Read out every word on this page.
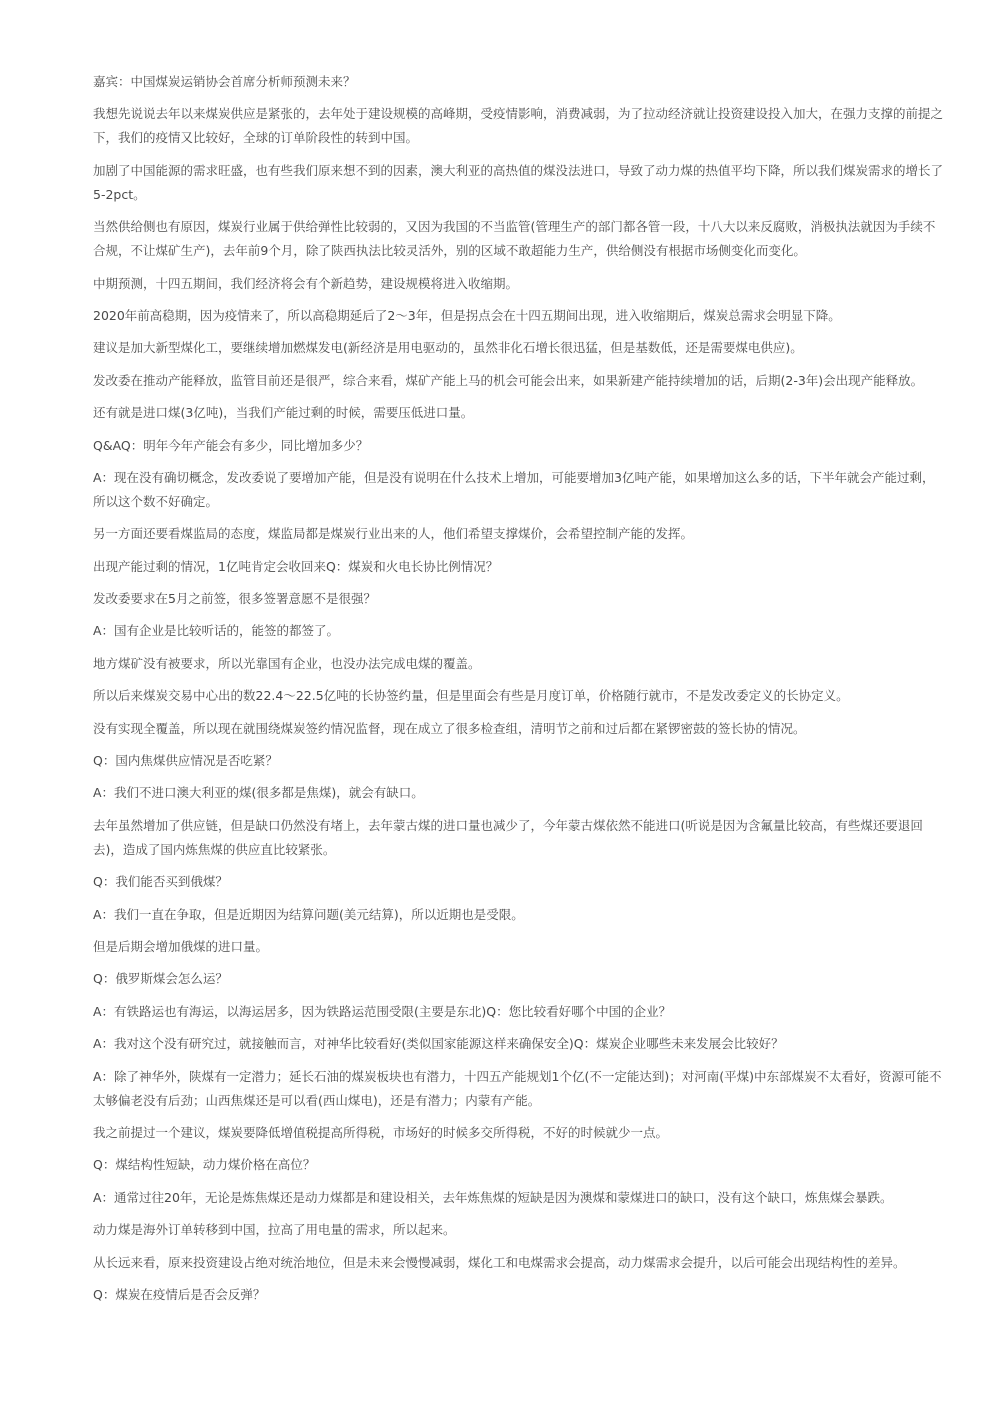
嘉宾：中国煤炭运销协会首席分析师预测未来？

我想先说说去年以来煤炭供应是紧张的，去年处于建设规模的高峰期，受疫情影响，消费减弱，为了拉动经济就让投资建设投入加大，在强力支撑的前提之下，我们的疫情又比较好，全球的订单阶段性的转到中国。

加剧了中国能源的需求旺盛，也有些我们原来想不到的因素，澳大利亚的高热值的煤没法进口，导致了动力煤的热值平均下降，所以我们煤炭需求的增长了5-2pct。

当然供给侧也有原因，煤炭行业属于供给弹性比较弱的，又因为我国的不当监管(管理生产的部门都各管一段，十八大以来反腐败，消极执法就因为手续不合规，不让煤矿生产)，去年前9个月，除了陕西执法比较灵活外，别的区域不敢超能力生产，供给侧没有根据市场侧变化而变化。

中期预测，十四五期间，我们经济将会有个新趋势，建设规模将进入收缩期。

2020年前高稳期，因为疫情来了，所以高稳期延后了2～3年，但是拐点会在十四五期间出现，进入收缩期后，煤炭总需求会明显下降。

建议是加大新型煤化工，要继续增加燃煤发电(新经济是用电驱动的，虽然非化石增长很迅猛，但是基数低，还是需要煤电供应)。

发改委在推动产能释放，监管目前还是很严，综合来看，煤矿产能上马的机会可能会出来，如果新建产能持续增加的话，后期(2-3年)会出现产能释放。

还有就是进口煤(3亿吨)，当我们产能过剩的时候，需要压低进口量。

Q&AQ：明年今年产能会有多少，同比增加多少？

A：现在没有确切概念，发改委说了要增加产能，但是没有说明在什么技术上增加，可能要增加3亿吨产能，如果增加这么多的话，下半年就会产能过剩，所以这个数不好确定。

另一方面还要看煤监局的态度，煤监局都是煤炭行业出来的人，他们希望支撑煤价，会希望控制产能的发挥。

出现产能过剩的情况，1亿吨肯定会收回来Q：煤炭和火电长协比例情况？

发改委要求在5月之前签，很多签署意愿不是很强？

A：国有企业是比较听话的，能签的都签了。

地方煤矿没有被要求，所以光靠国有企业，也没办法完成电煤的覆盖。

所以后来煤炭交易中心出的数22.4～22.5亿吨的长协签约量，但是里面会有些是月度订单，价格随行就市，不是发改委定义的长协定义。

没有实现全覆盖，所以现在就围绕煤炭签约情况监督，现在成立了很多检查组，清明节之前和过后都在紧锣密鼓的签长协的情况。

Q：国内焦煤供应情况是否吃紧？

A：我们不进口澳大利亚的煤(很多都是焦煤)，就会有缺口。

去年虽然增加了供应链，但是缺口仍然没有堵上，去年蒙古煤的进口量也减少了，今年蒙古煤依然不能进口(听说是因为含氟量比较高，有些煤还要退回去)，造成了国内炼焦煤的供应直比较紧张。

Q：我们能否买到俄煤？

A：我们一直在争取，但是近期因为结算问题(美元结算)，所以近期也是受限。

但是后期会增加俄煤的进口量。

Q：俄罗斯煤会怎么运？

A：有铁路运也有海运，以海运居多，因为铁路运范围受限(主要是东北)Q：您比较看好哪个中国的企业？

A：我对这个没有研究过，就接触而言，对神华比较看好(类似国家能源这样来确保安全)Q：煤炭企业哪些未来发展会比较好？

A：除了神华外，陕煤有一定潜力；延长石油的煤炭板块也有潜力，十四五产能规划1个亿(不一定能达到)；对河南(平煤)中东部煤炭不太看好，资源可能不太够偏老没有后劲；山西焦煤还是可以看(西山煤电)，还是有潜力；内蒙有产能。

我之前提过一个建议，煤炭要降低增值税提高所得税，市场好的时候多交所得税，不好的时候就少一点。

Q：煤结构性短缺，动力煤价格在高位？

A：通常过往20年，无论是炼焦煤还是动力煤都是和建设相关，去年炼焦煤的短缺是因为澳煤和蒙煤进口的缺口，没有这个缺口，炼焦煤会暴跌。

动力煤是海外订单转移到中国，拉高了用电量的需求，所以起来。

从长远来看，原来投资建设占绝对统治地位，但是未来会慢慢减弱，煤化工和电煤需求会提高，动力煤需求会提升，以后可能会出现结构性的差异。

Q：煤炭在疫情后是否会反弹？
